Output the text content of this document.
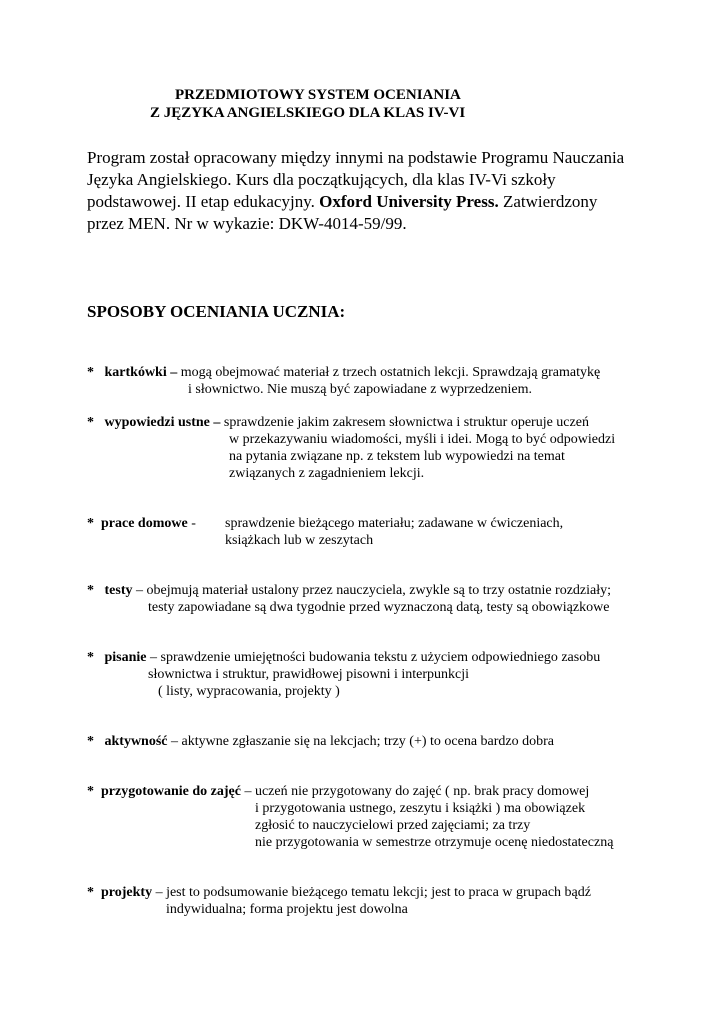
PRZEDMIOTOWY SYSTEM OCENIANIA
Z JĘZYKA ANGIELSKIEGO DLA KLAS IV-VI
Program został opracowany między innymi na podstawie Programu Nauczania
Języka Angielskiego. Kurs dla początkujących, dla klas IV-Vi szkoły
podstawowej. II etap edukacyjny. Oxford University Press. Zatwierdzony
przez MEN. Nr w wykazie: DKW-4014-59/99.
SPOSOBY OCENIANIA UCZNIA:
* kartkówki – mogą obejmować materiał z trzech ostatnich lekcji. Sprawdzają gramatykę
i słownictwo. Nie muszą być zapowiadane z wyprzedzeniem.
* wypowiedzi ustne – sprawdzenie jakim zakresem słownictwa i struktur operuje uczeń
w przekazywaniu wiadomości, myśli i idei. Mogą to być odpowiedzi
na pytania związane np. z tekstem lub wypowiedzi na temat
związanych z zagadnieniem lekcji.
* prace domowe - sprawdzenie bieżącego materiału; zadawane w ćwiczeniach,
książkach lub w zeszytach
* testy – obejmują materiał ustalony przez nauczyciela, zwykle są to trzy ostatnie rozdziały;
testy zapowiadane są dwa tygodnie przed wyznaczoną datą, testy są obowiązkowe
* pisanie – sprawdzenie umiejętności budowania tekstu z użyciem odpowiedniego zasobu
słownictwa i struktur, prawidłowej pisowni i interpunkcji
( listy, wypracowania, projekty )
* aktywność – aktywne zgłaszanie się na lekcjach; trzy (+) to ocena bardzo dobra
* przygotowanie do zajęć – uczeń nie przygotowany do zajęć ( np. brak pracy domowej
i przygotowania ustnego, zeszytu i książki ) ma obowiązek
zgłosić to nauczycielowi przed zajęciami; za trzy
nie przygotowania w semestrze otrzymuje ocenę niedostateczną
* projekty – jest to podsumowanie bieżącego tematu lekcji; jest to praca w grupach bądź
indywidualna; forma projektu jest dowolna
